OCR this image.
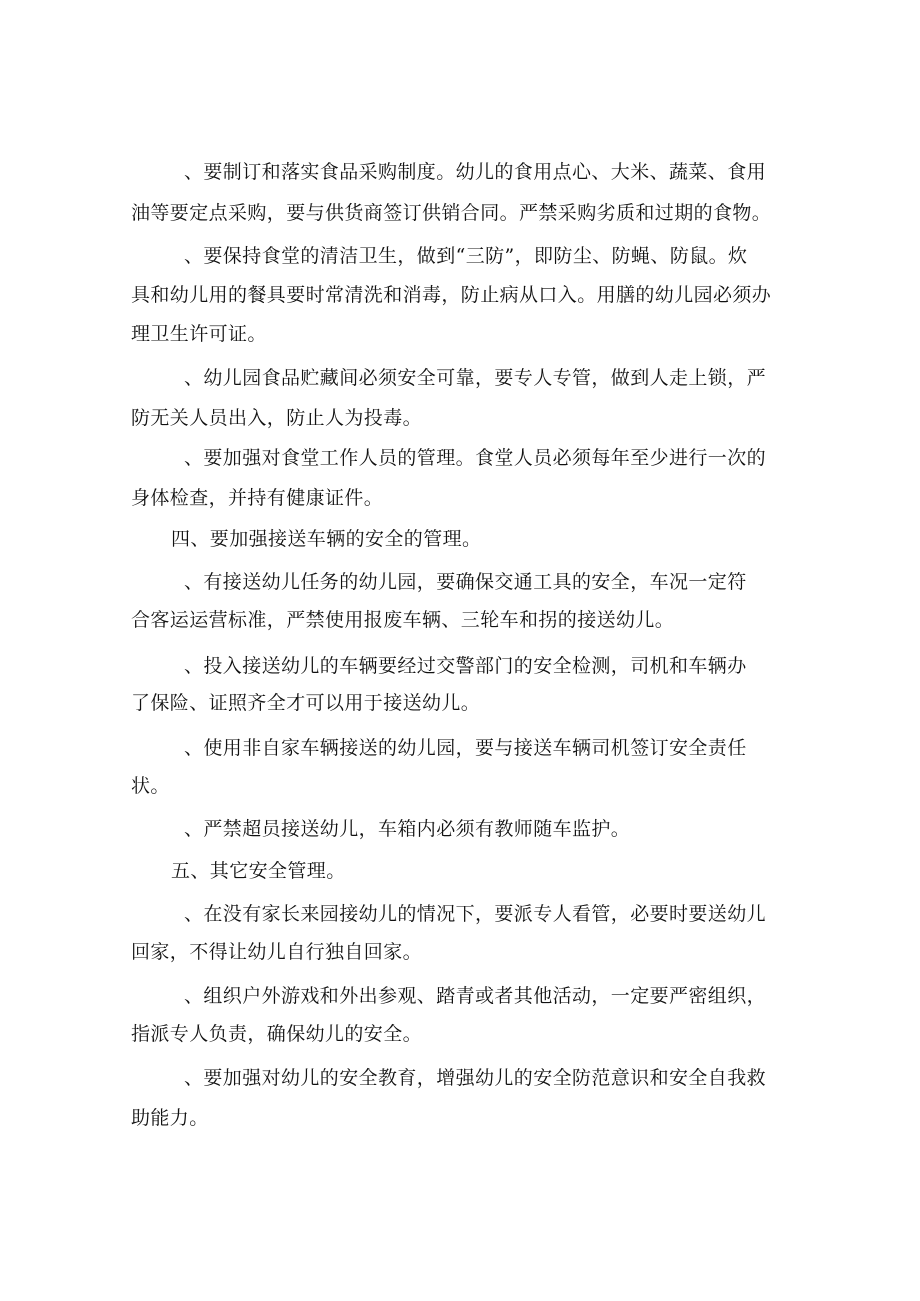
、要制订和落实食品采购制度。幼儿的食用点心、大米、蔬菜、食用
油等要定点采购，要与供货商签订供销合同。严禁采购劣质和过期的食物。
、要保持食堂的清洁卫生，做到“三防”，即防尘、防蝇、防鼠。炊
具和幼儿用的餐具要时常清洗和消毒，防止病从口入。用膳的幼儿园必须办
理卫生许可证。
、幼儿园食品贮藏间必须安全可靠，要专人专管，做到人走上锁，严
防无关人员出入，防止人为投毒。
、要加强对食堂工作人员的管理。食堂人员必须每年至少进行一次的
身体检查，并持有健康证件。
四、要加强接送车辆的安全的管理。
、有接送幼儿任务的幼儿园，要确保交通工具的安全，车况一定符
合客运运营标准，严禁使用报废车辆、三轮车和拐的接送幼儿。
、投入接送幼儿的车辆要经过交警部门的安全检测，司机和车辆办
了保险、证照齐全才可以用于接送幼儿。
、使用非自家车辆接送的幼儿园，要与接送车辆司机签订安全责任
状。
、严禁超员接送幼儿，车箱内必须有教师随车监护。
五、其它安全管理。
、在没有家长来园接幼儿的情况下，要派专人看管，必要时要送幼儿
回家，不得让幼儿自行独自回家。
、组织户外游戏和外出参观、踏青或者其他活动，一定要严密组织，
指派专人负责，确保幼儿的安全。
、要加强对幼儿的安全教育，增强幼儿的安全防范意识和安全自我救
助能力。
